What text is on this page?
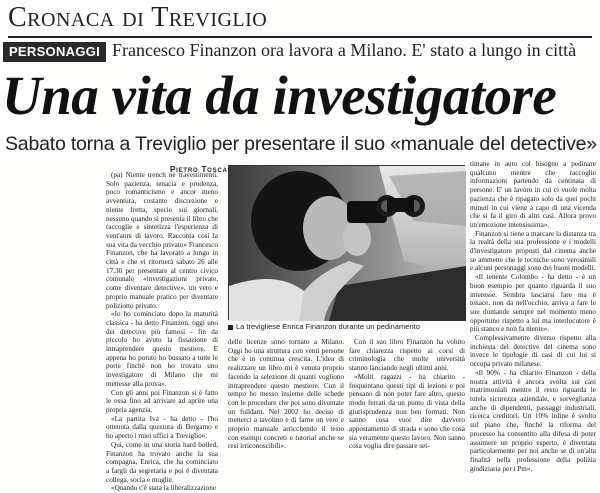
Cronaca di Treviglio
PERSONAGGI Francesco Finanzon ora lavora a Milano. E' stato a lungo in città
Una vita da investigatore
Sabato torna a Treviglio per presentare il suo «manuale del detective»
Pietro Tosca

(pa) Niente trench né travestimenti. Solo pazienza, tenacia e prudenza, poco romanticismo e ancor meno avventura, costante discrezione e niente fretta, specie sui giornali, nessuno quando si presenta il libro che raccoglie e sintetizza l'esperienza di vent'anni di lavoro. Racconta così la sua vita da vecchio privato» Francesco Finanzon, che ha lavorato a lungo in città e che vi ritornerà sabato 26 alle 17.30 per presentare al centro civico comunale «investigazioni private, come diventare detective», un vero e proprio manuale pratico per diventare poliziotto privato.

«Io ho cominciato dopo la maturità classica - ha detto Finanzon, oggi uno dei detective più famosi - fin da piccolo ho avuto la fissazione di intraprendere questo mestiere. E appena ho potuto ho bussato a tutte le porte finché non ho trovato uno investigatore di Milano che mi mettesse alla prova».

Con gli anni poi Finanzon si è fatto le ossa fino ad arrivare ad aprire una propria agenzia.

«La partita Iva - ha detto - l'ho ottenuta dalla questura di Bergamo e ho aperto i miei uffici a Treviglio».

Qui, come in una storia hard boiled, Finanzon ha trovato anche la sua compagna, Enrica, che ha cominciato a fargli da segretaria e poi è diventata collega, socia e moglie.

«Quando c'è stata la liberalizzazione

La trevigliese Enrica Finanzon durante un pedinamento

delle licenze sono tornato a Milano. Oggi ho una struttura con venti persone che è in continua crescita. L'idea di realizzare un libro mi è venuta proprio facendo la selezione di quanti vogliono intraprendere questo mestiere. Con il tempo ho messo insieme delle schede con le procedure che poi sono diventate un fulldant. Nel 2002 ho deciso di metterci a tavolino e di farne un vero e proprio manuale arricchendo il testo con esempi concreti e tutorial anche se resi irriconoscibili».

Con il suo libro Finanzon ha voluto fare chiarezza rispetto ai corsi di criminologia che molte università stanno lanciando negli ultimi anni.

«Molti ragazzi - ha chiarito - frequentano questi tipi di lezioni e poi pensano di non poter fare altro, questo modo ferrati da un punto di vista della giurisprudenza non ben formati. Non sanno cosa vuoi dire davvero appostamento di strada e sono che cosa sia veramente questo lavoro. Non sanno cosa voglia dire passare set-

timane in auto col bisogno a pedinare qualcuno mentre che raccoglie informazioni partendo da centinaia di persone. E' un lavoro in cui ci vuole molta pazienza che è ripagato solo da quei pochi minuti in cui viene a capo di una vicenda che si fa il giro di altri casi. Allora provo un'emozione intensissima».

Finanzon si tiene a marcare la distanza tra la realtà della sua professione e i modelli d'investigatore proposti dal cinema anche se ammette che le tecniche sono verosimili e alcuni personaggi sono dei buoni modelli.

«Il tenente Colombo - ha detto - è un buon esempio per quanto riguarda il suo interesse. Sembra lasciarsi fare ma è tenace, non da nell'occhio, arriva a fare le sue domande sempre nel momento meno opportuno rispetto a lui ma interlocutore è più stanco e non fa niente».

Complessivamente diverso rispetto alla inchiesta del detective del cinema sono invece le tipologie di casi di cui lui si occupa privato milanese.

«Il 90% - ha chiarito Finanzon - della nostra attività è ancora svolta sui casi matrimoniali mentre il resto riguarda le tutela sicurezza aziendale, e sorveglianza anche di dipendenti, passaggi industriali, ricerca creditori. Un 10% infine è svolto sul piano che, finché la riforma del processo ha consentito alla difesa di poter assumere un proprio esperto, è diventata particolarmente per noi anche se di un'alta finalità nella professione della polizia giudiziaria per i Pm».
